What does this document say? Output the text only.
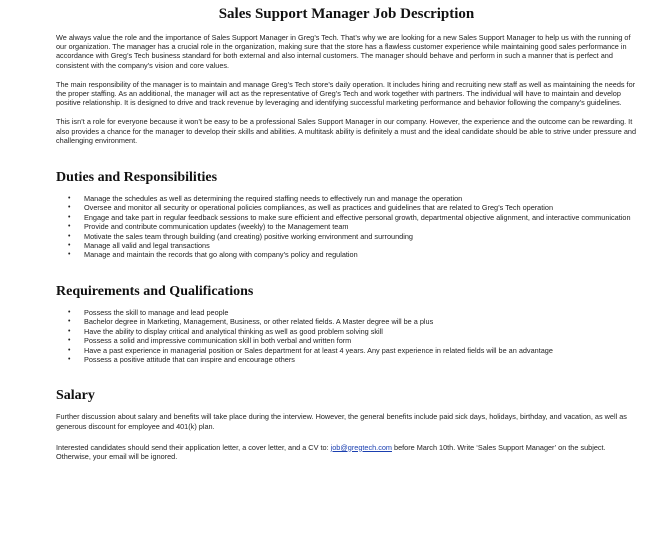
Sales Support Manager Job Description

We always value the role and the importance of Sales Support Manager in Greg’s Tech. That’s why we are looking for a new Sales Support Manager to help us with the running of our organization. The manager has a crucial role in the organization, making sure that the store has a flawless customer experience while maintaining good sales performance in accordance with Greg’s Tech business standard for both external and also internal customers. The manager should behave and perform in such a manner that is perfect and consistent with the company’s vision and core values.

The main responsibility of the manager is to maintain and manage Greg’s Tech store’s daily operation. It includes hiring and recruiting new staff as well as maintaining the needs for the proper staffing. As an additional, the manager will act as the representative of Greg’s Tech and work together with partners. The individual will have to maintain and develop positive relationship. It is designed to drive and track revenue by leveraging and identifying successful marketing performance and behavior following the company’s guidelines.

This isn’t a role for everyone because it won’t be easy to be a professional Sales Support Manager in our company. However, the experience and the outcome can be rewarding. It also provides a chance for the manager to develop their skills and abilities. A multitask ability is definitely a must and the ideal candidate should be able to strive under pressure and challenging environment.

Duties and Responsibilities
• Manage the schedules as well as determining the required staffing needs to effectively run and manage the operation
• Oversee and monitor all security or operational policies compliances, as well as practices and guidelines that are related to Greg’s Tech operation
• Engage and take part in regular feedback sessions to make sure efficient and effective personal growth, departmental objective alignment, and interactive communication
• Provide and contribute communication updates (weekly) to the Management team
• Motivate the sales team through building (and creating) positive working environment and surrounding
• Manage all valid and legal transactions
• Manage and maintain the records that go along with company’s policy and regulation
Requirements and Qualifications
• Possess the skill to manage and lead people
• Bachelor degree in Marketing, Management, Business, or other related fields. A Master degree will be a plus
• Have the ability to display critical and analytical thinking as well as good problem solving skill
• Possess a solid and impressive communication skill in both verbal and written form
• Have a past experience in managerial position or Sales department for at least 4 years. Any past experience in related fields will be an advantage
• Possess a positive attitude that can inspire and encourage others
Salary

Further discussion about salary and benefits will take place during the interview. However, the general benefits include paid sick days, holidays, birthday, and vacation, as well as generous discount for employee and 401(k) plan.

Interested candidates should send their application letter, a cover letter, and a CV to: job@gregtech.com before March 10th. Write ‘Sales Support Manager’ on the subject. Otherwise, your email will be ignored.
